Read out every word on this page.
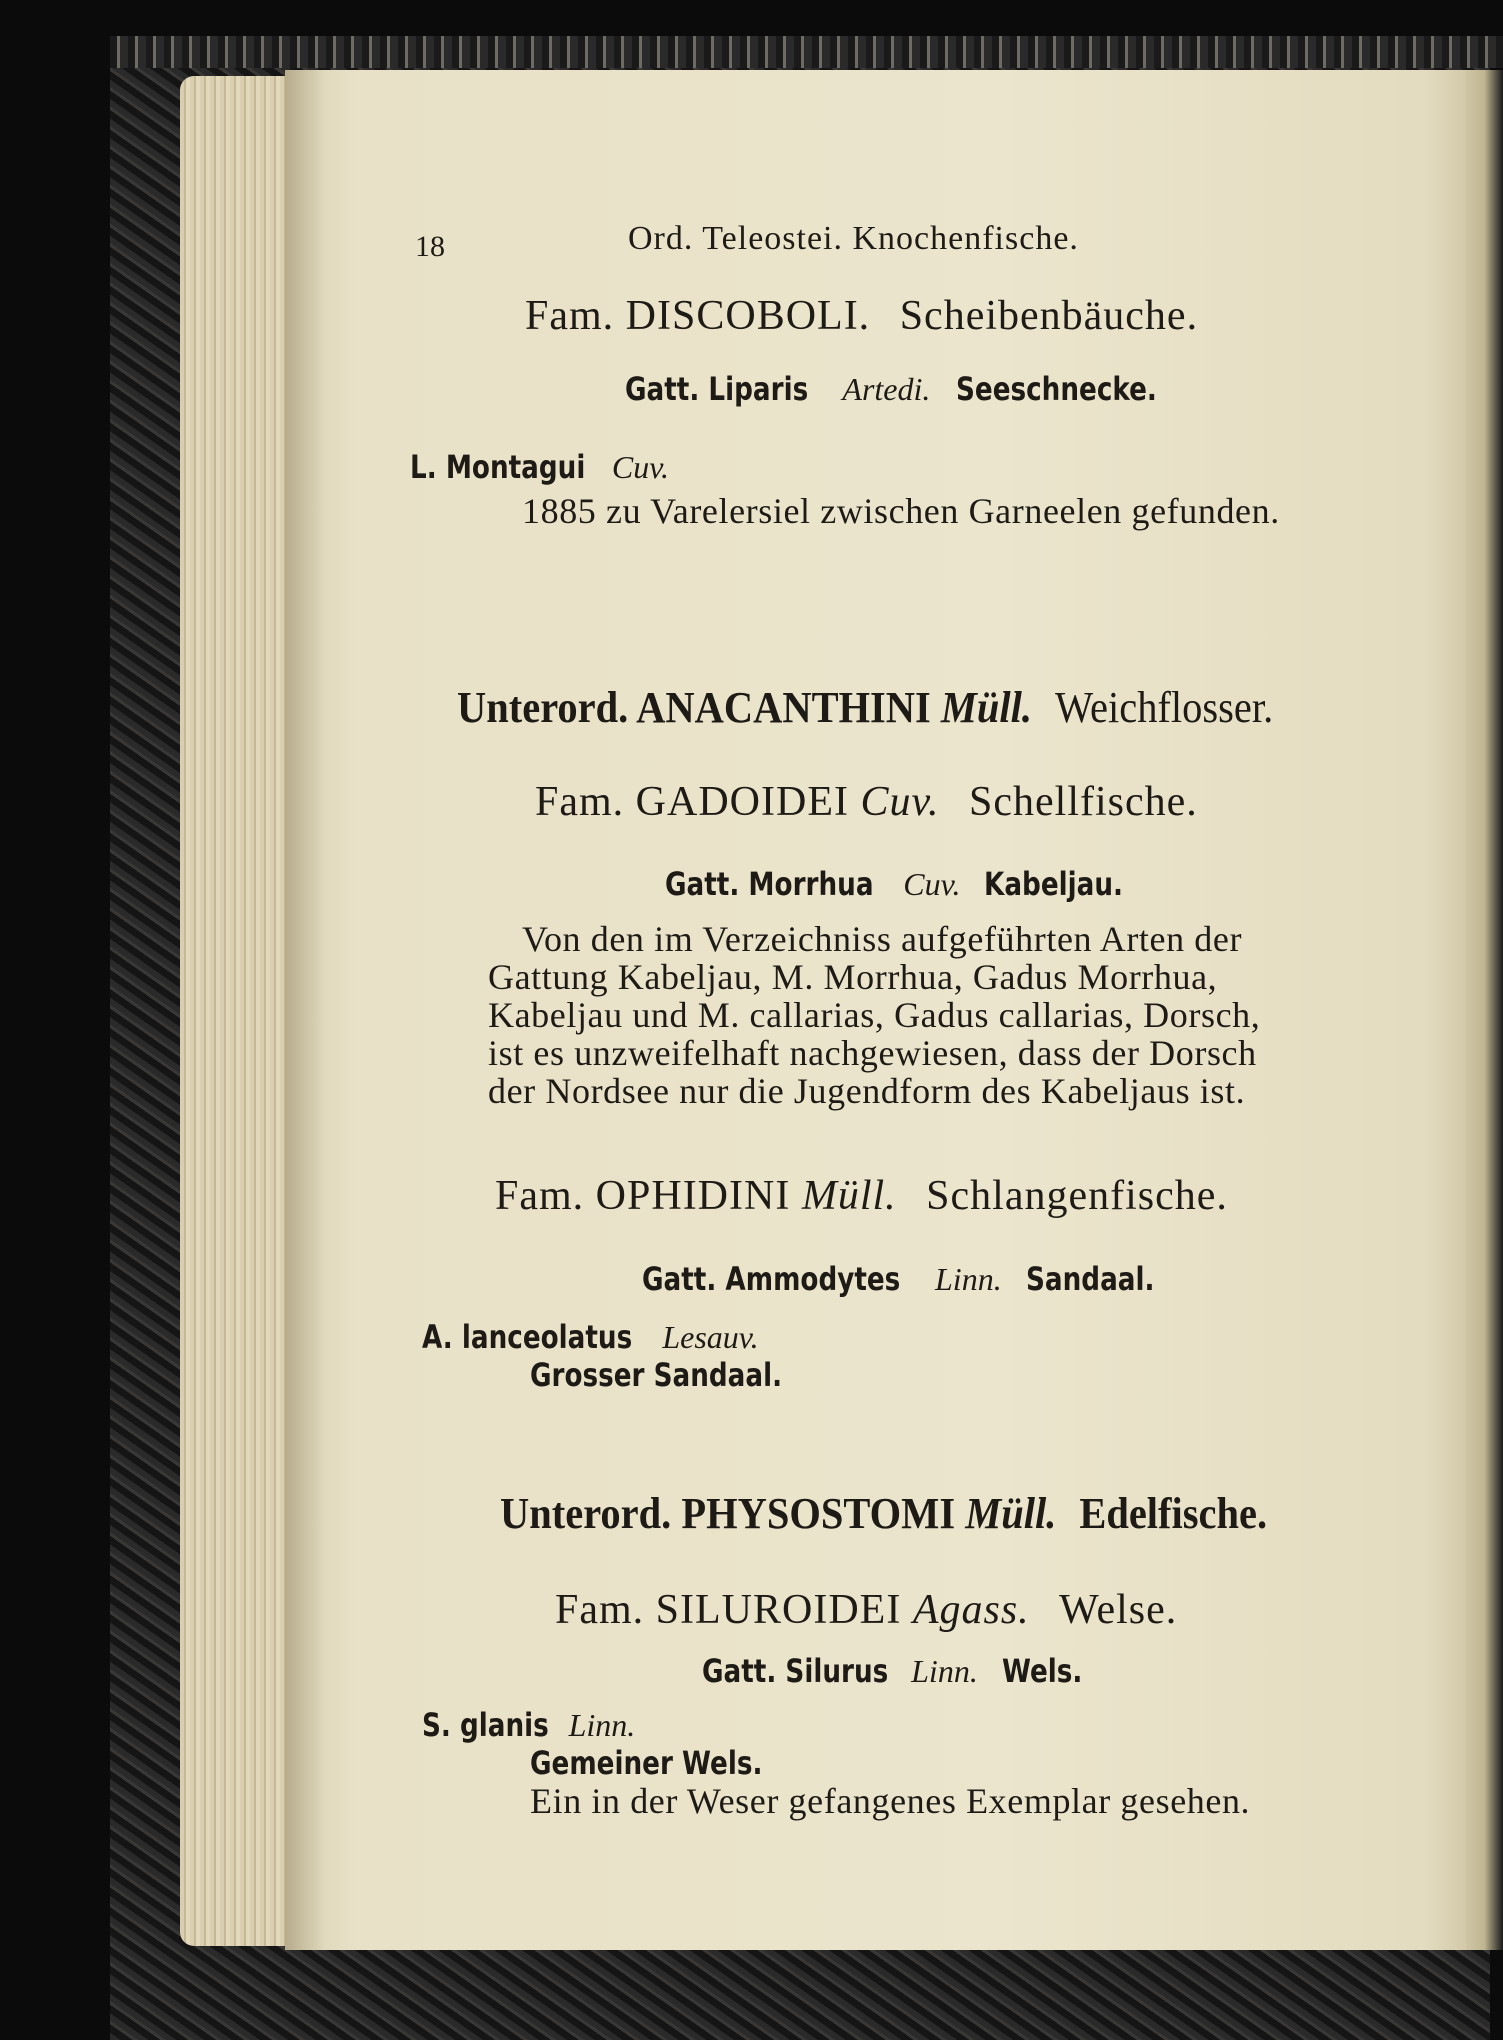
18	Ord. Teleostei. Knochenfische.
Fam. DISCOBOLI. Scheibenbäuche.
Gatt. Liparis Artedi. Seeschnecke.
L. Montagui Cuv.
1885 zu Varelersiel zwischen Garneelen gefunden.
Unterord. ANACANTHINI Müll. Weichflosser.
Fam. GADOIDEI Cuv. Schellfische.
Gatt. Morrhua Cuv. Kabeljau.
Von den im Verzeichniss aufgeführten Arten der
Gattung Kabeljau, M. Morrhua, Gadus Morrhua,
Kabeljau und M. callarias, Gadus callarias, Dorsch,
ist es unzweifelhaft nachgewiesen, dass der Dorsch
der Nordsee nur die Jugendform des Kabeljaus ist.
Fam. OPHIDINI Müll. Schlangenfische.
Gatt. Ammodytes Linn. Sandaal.
A. lanceolatus Lesauv.
Grosser Sandaal.
Unterord. PHYSOSTOMI Müll. Edelfische.
Fam. SILUROIDEI Agass. Welse.
Gatt. Silurus Linn. Wels.
S. glanis Linn.
Gemeiner Wels.
Ein in der Weser gefangenes Exemplar gesehen.
